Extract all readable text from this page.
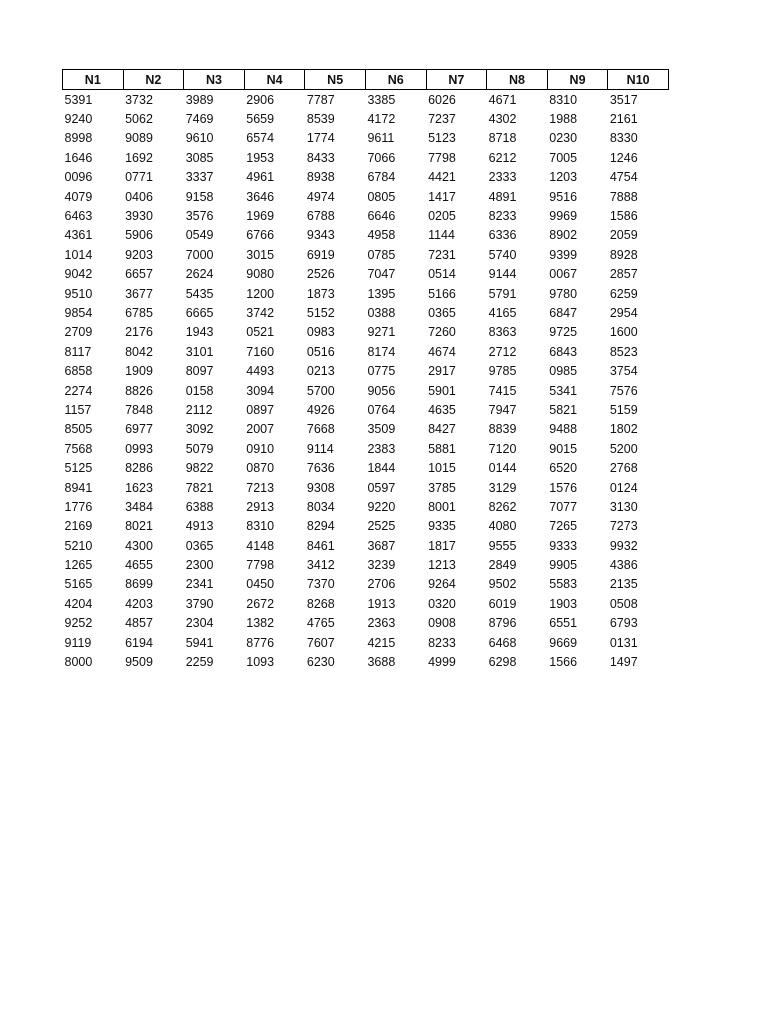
N1	N2	N3	N4	N5	N6	N7	N8	N9	N10
5391	3732	3989	2906	7787	3385	6026	4671	8310	3517
9240	5062	7469	5659	8539	4172	7237	4302	1988	2161
8998	9089	9610	6574	1774	9611	5123	8718	0230	8330
1646	1692	3085	1953	8433	7066	7798	6212	7005	1246
0096	0771	3337	4961	8938	6784	4421	2333	1203	4754
4079	0406	9158	3646	4974	0805	1417	4891	9516	7888
6463	3930	3576	1969	6788	6646	0205	8233	9969	1586
4361	5906	0549	6766	9343	4958	1144	6336	8902	2059
1014	9203	7000	3015	6919	0785	7231	5740	9399	8928
9042	6657	2624	9080	2526	7047	0514	9144	0067	2857
9510	3677	5435	1200	1873	1395	5166	5791	9780	6259
9854	6785	6665	3742	5152	0388	0365	4165	6847	2954
2709	2176	1943	0521	0983	9271	7260	8363	9725	1600
8117	8042	3101	7160	0516	8174	4674	2712	6843	8523
6858	1909	8097	4493	0213	0775	2917	9785	0985	3754
2274	8826	0158	3094	5700	9056	5901	7415	5341	7576
1157	7848	2112	0897	4926	0764	4635	7947	5821	5159
8505	6977	3092	2007	7668	3509	8427	8839	9488	1802
7568	0993	5079	0910	9114	2383	5881	7120	9015	5200
5125	8286	9822	0870	7636	1844	1015	0144	6520	2768
8941	1623	7821	7213	9308	0597	3785	3129	1576	0124
1776	3484	6388	2913	8034	9220	8001	8262	7077	3130
2169	8021	4913	8310	8294	2525	9335	4080	7265	7273
5210	4300	0365	4148	8461	3687	1817	9555	9333	9932
1265	4655	2300	7798	3412	3239	1213	2849	9905	4386
5165	8699	2341	0450	7370	2706	9264	9502	5583	2135
4204	4203	3790	2672	8268	1913	0320	6019	1903	0508
9252	4857	2304	1382	4765	2363	0908	8796	6551	6793
9119	6194	5941	8776	7607	4215	8233	6468	9669	0131
8000	9509	2259	1093	6230	3688	4999	6298	1566	1497
